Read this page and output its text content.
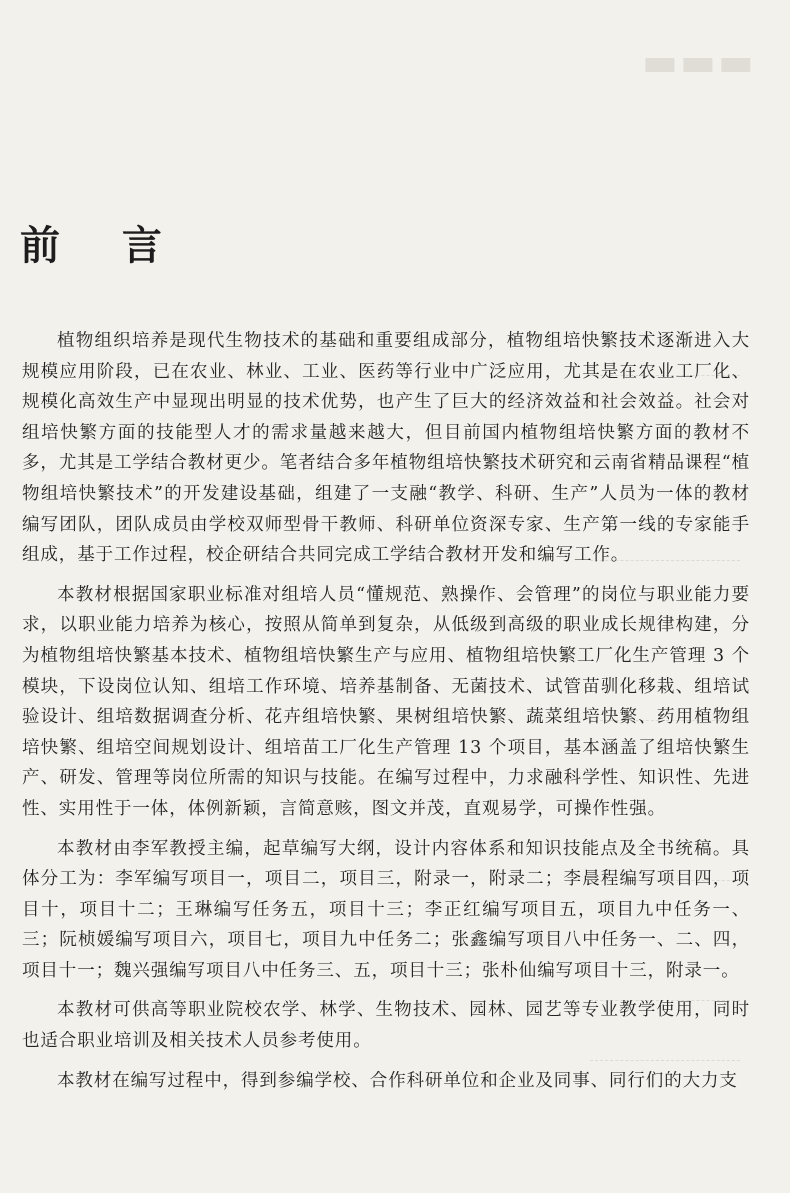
▬▬▬
前 言

植物组织培养是现代生物技术的基础和重要组成部分，植物组培快繁技术逐渐进入大规模应用阶段，已在农业、林业、工业、医药等行业中广泛应用，尤其是在农业工厂化、规模化高效生产中显现出明显的技术优势，也产生了巨大的经济效益和社会效益。社会对组培快繁方面的技能型人才的需求量越来越大，但目前国内植物组培快繁方面的教材不多，尤其是工学结合教材更少。笔者结合多年植物组培快繁技术研究和云南省精品课程“植物组培快繁技术”的开发建设基础，组建了一支融“教学、科研、生产”人员为一体的教材编写团队，团队成员由学校双师型骨干教师、科研单位资深专家、生产第一线的专家能手组成，基于工作过程，校企研结合共同完成工学结合教材开发和编写工作。

本教材根据国家职业标准对组培人员“懂规范、熟操作、会管理”的岗位与职业能力要求，以职业能力培养为核心，按照从简单到复杂，从低级到高级的职业成长规律构建，分为植物组培快繁基本技术、植物组培快繁生产与应用、植物组培快繁工厂化生产管理 3 个模块，下设岗位认知、组培工作环境、培养基制备、无菌技术、试管苗驯化移栽、组培试验设计、组培数据调查分析、花卉组培快繁、果树组培快繁、蔬菜组培快繁、药用植物组培快繁、组培空间规划设计、组培苗工厂化生产管理 13 个项目，基本涵盖了组培快繁生产、研发、管理等岗位所需的知识与技能。在编写过程中，力求融科学性、知识性、先进性、实用性于一体，体例新颖，言简意赅，图文并茂，直观易学，可操作性强。

本教材由李军教授主编，起草编写大纲，设计内容体系和知识技能点及全书统稿。具体分工为：李军编写项目一，项目二，项目三，附录一，附录二；李晨程编写项目四，项目十，项目十二；王琳编写任务五，项目十三；李正红编写项目五，项目九中任务一、三；阮桢媛编写项目六，项目七，项目九中任务二；张鑫编写项目八中任务一、二、四，项目十一；魏兴强编写项目八中任务三、五，项目十三；张朴仙编写项目十三，附录一。

本教材可供高等职业院校农学、林学、生物技术、园林、园艺等专业教学使用，同时也适合职业培训及相关技术人员参考使用。

本教材在编写过程中，得到参编学校、合作科研单位和企业及同事、同行们的大力支
